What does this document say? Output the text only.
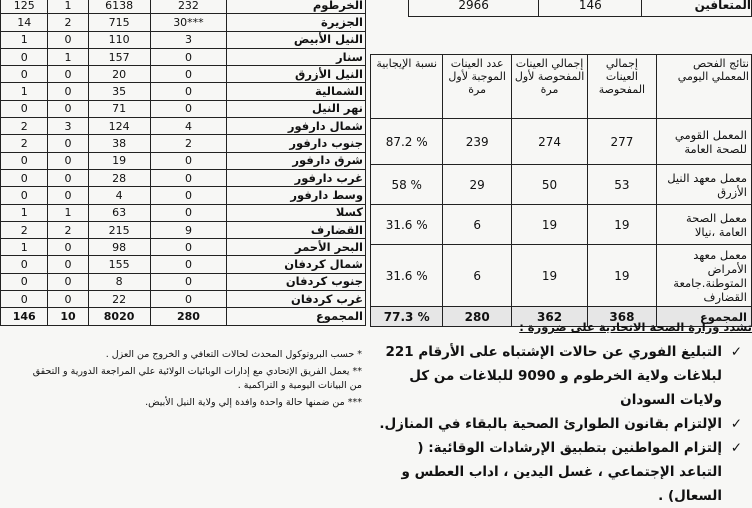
125	1	6138	232	الخرطوم
14	2	715	30***	الجزيرة
1	0	110	3	النيل الأبيض
0	1	157	0	سنار
0	0	20	0	النيل الأزرق
1	0	35	0	الشمالية
0	0	71	0	نهر النيل
2	3	124	4	شمال دارفور
2	0	38	2	جنوب دارفور
0	0	19	0	شرق دارفور
0	0	28	0	غرب دارفور
0	0	4	0	وسط دارفور
1	1	63	0	كسلا
2	2	215	9	القضارف
1	0	98	0	البحر الأحمر
0	0	155	0	شمال كردفان
0	0	8	0	جنوب كردفان
0	0	22	0	غرب كردفان
146	10	8020	280	المجموع
2966	146	المتعافين
نسبة الإيجابية	عدد العينات الموجبة لأول مرة	إجمالي العينات المفحوصة لأول مرة	إجمالي العينات المفحوصة	نتائج الفحص المعملي اليومي
87.2 %	239	274	277	المعمل القومي للصحة العامة
58 %	29	50	53	معمل معهد النيل الأزرق
31.6 %	6	19	19	معمل الصحة العامة ،نيالا
31.6 %	6	19	19	معمل معهد الأمراض المتوطنة.جامعة القضارف
77.3 %	280	362	368	المجموع

* حسب البروتوكول المحدث لحالات التعافي و الخروج من العزل .

** يعمل الفريق الإتحادي مع إدارات الوبائيات الولائية علي المراجعة الدورية و التحقق من البيانات اليومية و التراكمية .

*** من ضمنها حالة واحدة وافدة إلي ولاية النيل الأبيض.

تشدد وزارة الصحة الاتحادية على ضرورة :
✓
التبليغ الفوري عن حالات الإشتباه على الأرقام 221 لبلاغات ولاية الخرطوم و 9090 للبلاغات من كل ولايات السودان
✓
الإلتزام بقانون الطوارئ الصحية بالبقاء في المنازل.
✓
إلتزام المواطنين بتطبيق الإرشادات الوقائية: ( التباعد الإجتماعي ، غسل اليدين ، اداب العطس و السعال) .
